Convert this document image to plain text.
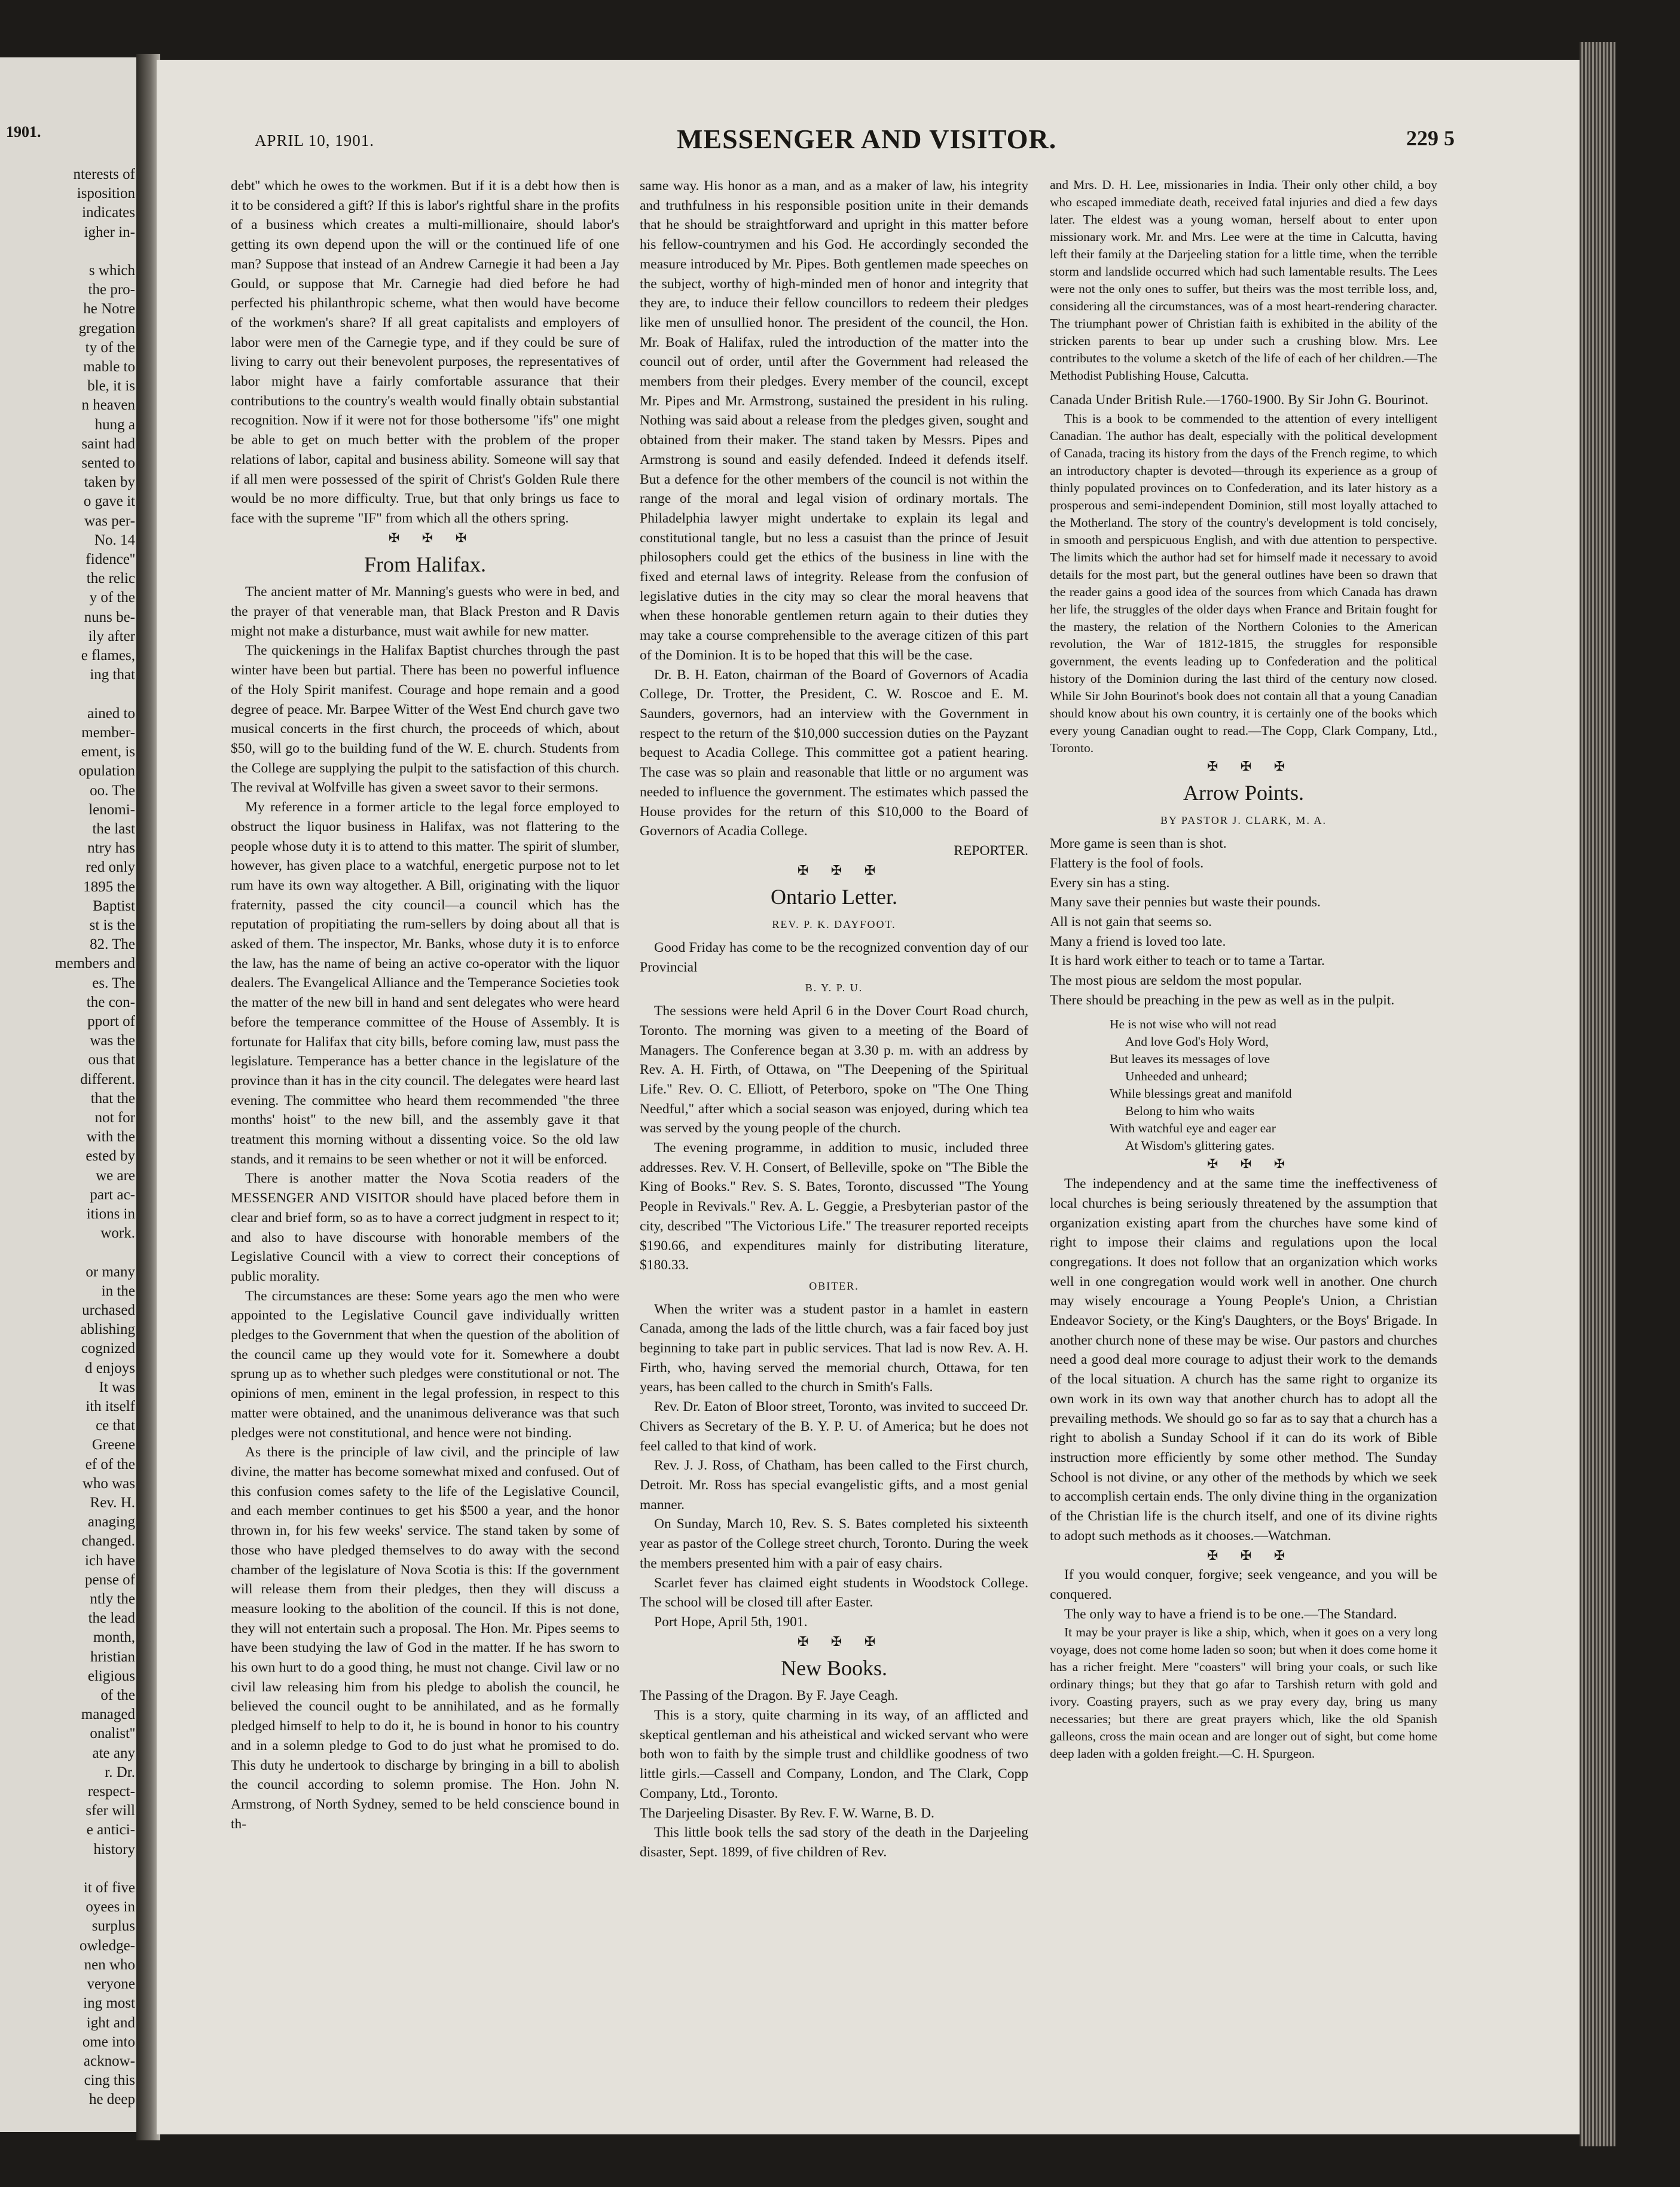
1901.
nterests of
isposition
indicates
igher in-

s which
the pro-
he Notre
gregation
ty of the
mable to
ble, it is
n heaven
hung a
saint had
sented to
taken by
o gave it
was per-
No. 14
fidence''
the relic
y of the
nuns be-
ily after
e flames,
ing that

ained to
member-
ement, is
opulation
oo. The
lenomi-
the last
ntry has
red only
1895 the
Baptist
st is the
82. The
members and
es. The
the con-
pport of
was the
ous that
different.
that the
not for
with the
ested by
we are
part ac-
itions in
work.

or many
in the
urchased
ablishing
cognized
d enjoys
It was
ith itself
ce that
Greene
ef of the
who was
Rev. H.
anaging
changed.
ich have
pense of
ntly the
the lead
month,
hristian
eligious
of the
managed
onalist''
ate any
r. Dr.
respect-
sfer will
e antici-
history

it of five
oyees in
surplus
owledge-
nen who
veryone
ing most
ight and
ome into
acknow-
cing this
he deep
APRIL 10, 1901.	MESSENGER AND VISITOR.	229 5

debt'' which he owes to the workmen. But if it is a debt how then is it to be considered a gift? If this is labor's rightful share in the profits of a business which creates a multi-millionaire, should labor's getting its own depend upon the will or the continued life of one man? Suppose that instead of an Andrew Carnegie it had been a Jay Gould, or suppose that Mr. Carnegie had died before he had perfected his philanthropic scheme, what then would have become of the workmen's share? If all great capitalists and employers of labor were men of the Carnegie type, and if they could be sure of living to carry out their benevolent purposes, the representatives of labor might have a fairly comfortable assurance that their contributions to the country's wealth would finally obtain substantial recognition. Now if it were not for those bothersome "ifs" one might be able to get on much better with the problem of the proper relations of labor, capital and business ability. Someone will say that if all men were possessed of the spirit of Christ's Golden Rule there would be no more difficulty. True, but that only brings us face to face with the supreme "IF" from which all the others spring.

✠ ✠ ✠

From Halifax.

The ancient matter of Mr. Manning's guests who were in bed, and the prayer of that venerable man, that Black Preston and R Davis might not make a disturbance, must wait awhile for new matter.

The quickenings in the Halifax Baptist churches through the past winter have been but partial. There has been no powerful influence of the Holy Spirit manifest. Courage and hope remain and a good degree of peace. Mr. Barpee Witter of the West End church gave two musical concerts in the first church, the proceeds of which, about $50, will go to the building fund of the W. E. church. Students from the College are supplying the pulpit to the satisfaction of this church. The revival at Wolfville has given a sweet savor to their sermons.

My reference in a former article to the legal force employed to obstruct the liquor business in Halifax, was not flattering to the people whose duty it is to attend to this matter. The spirit of slumber, however, has given place to a watchful, energetic purpose not to let rum have its own way altogether. A Bill, originating with the liquor fraternity, passed the city council—a council which has the reputation of propitiating the rum-sellers by doing about all that is asked of them. The inspector, Mr. Banks, whose duty it is to enforce the law, has the name of being an active co-operator with the liquor dealers. The Evangelical Alliance and the Temperance Societies took the matter of the new bill in hand and sent delegates who were heard before the temperance committee of the House of Assembly. It is fortunate for Halifax that city bills, before coming law, must pass the legislature. Temperance has a better chance in the legislature of the province than it has in the city council. The delegates were heard last evening. The committee who heard them recommended "the three months' hoist" to the new bill, and the assembly gave it that treatment this morning without a dissenting voice. So the old law stands, and it remains to be seen whether or not it will be enforced.

There is another matter the Nova Scotia readers of the MESSENGER AND VISITOR should have placed before them in clear and brief form, so as to have a correct judgment in respect to it; and also to have discourse with honorable members of the Legislative Council with a view to correct their conceptions of public morality.

The circumstances are these: Some years ago the men who were appointed to the Legislative Council gave individually written pledges to the Government that when the question of the abolition of the council came up they would vote for it. Somewhere a doubt sprung up as to whether such pledges were constitutional or not. The opinions of men, eminent in the legal profession, in respect to this matter were obtained, and the unanimous deliverance was that such pledges were not constitutional, and hence were not binding.

As there is the principle of law civil, and the principle of law divine, the matter has become somewhat mixed and confused. Out of this confusion comes safety to the life of the Legislative Council, and each member continues to get his $500 a year, and the honor thrown in, for his few weeks' service. The stand taken by some of those who have pledged themselves to do away with the second chamber of the legislature of Nova Scotia is this: If the government will release them from their pledges, then they will discuss a measure looking to the abolition of the council. If this is not done, they will not entertain such a proposal. The Hon. Mr. Pipes seems to have been studying the law of God in the matter. If he has sworn to his own hurt to do a good thing, he must not change. Civil law or no civil law releasing him from his pledge to abolish the council, he believed the council ought to be annihilated, and as he formally pledged himself to help to do it, he is bound in honor to his country and in a solemn pledge to God to do just what he promised to do. This duty he undertook to discharge by bringing in a bill to abolish the council according to solemn promise. The Hon. John N. Armstrong, of North Sydney, semed to be held conscience bound in th-

same way. His honor as a man, and as a maker of law, his integrity and truthfulness in his responsible position unite in their demands that he should be straightforward and upright in this matter before his fellow-countrymen and his God. He accordingly seconded the measure introduced by Mr. Pipes. Both gentlemen made speeches on the subject, worthy of high-minded men of honor and integrity that they are, to induce their fellow councillors to redeem their pledges like men of unsullied honor. The president of the council, the Hon. Mr. Boak of Halifax, ruled the introduction of the matter into the council out of order, until after the Government had released the members from their pledges. Every member of the council, except Mr. Pipes and Mr. Armstrong, sustained the president in his ruling. Nothing was said about a release from the pledges given, sought and obtained from their maker. The stand taken by Messrs. Pipes and Armstrong is sound and easily defended. Indeed it defends itself. But a defence for the other members of the council is not within the range of the moral and legal vision of ordinary mortals. The Philadelphia lawyer might undertake to explain its legal and constitutional tangle, but no less a casuist than the prince of Jesuit philosophers could get the ethics of the business in line with the fixed and eternal laws of integrity. Release from the confusion of legislative duties in the city may so clear the moral heavens that when these honorable gentlemen return again to their duties they may take a course comprehensible to the average citizen of this part of the Dominion. It is to be hoped that this will be the case.

Dr. B. H. Eaton, chairman of the Board of Governors of Acadia College, Dr. Trotter, the President, C. W. Roscoe and E. M. Saunders, governors, had an interview with the Government in respect to the return of the $10,000 succession duties on the Payzant bequest to Acadia College. This committee got a patient hearing. The case was so plain and reasonable that little or no argument was needed to influence the government. The estimates which passed the House provides for the return of this $10,000 to the Board of Governors of Acadia College.

REPORTER.

✠ ✠ ✠

Ontario Letter.
REV. P. K. DAYFOOT.

Good Friday has come to be the recognized convention day of our Provincial

B. Y. P. U.

The sessions were held April 6 in the Dover Court Road church, Toronto. The morning was given to a meeting of the Board of Managers. The Conference began at 3.30 p. m. with an address by Rev. A. H. Firth, of Ottawa, on "The Deepening of the Spiritual Life." Rev. O. C. Elliott, of Peterboro, spoke on "The One Thing Needful," after which a social season was enjoyed, during which tea was served by the young people of the church.

The evening programme, in addition to music, included three addresses. Rev. V. H. Consert, of Belleville, spoke on "The Bible the King of Books." Rev. S. S. Bates, Toronto, discussed "The Young People in Revivals." Rev. A. L. Geggie, a Presbyterian pastor of the city, described "The Victorious Life." The treasurer reported receipts $190.66, and expenditures mainly for distributing literature, $180.33.

OBITER.

When the writer was a student pastor in a hamlet in eastern Canada, among the lads of the little church, was a fair faced boy just beginning to take part in public services. That lad is now Rev. A. H. Firth, who, having served the memorial church, Ottawa, for ten years, has been called to the church in Smith's Falls.

Rev. Dr. Eaton of Bloor street, Toronto, was invited to succeed Dr. Chivers as Secretary of the B. Y. P. U. of America; but he does not feel called to that kind of work.

Rev. J. J. Ross, of Chatham, has been called to the First church, Detroit. Mr. Ross has special evangelistic gifts, and a most genial manner.

On Sunday, March 10, Rev. S. S. Bates completed his sixteenth year as pastor of the College street church, Toronto. During the week the members presented him with a pair of easy chairs.

Scarlet fever has claimed eight students in Woodstock College. The school will be closed till after Easter.

Port Hope, April 5th, 1901.

✠ ✠ ✠

New Books.

The Passing of the Dragon. By F. Jaye Ceagh.

This is a story, quite charming in its way, of an afflicted and skeptical gentleman and his atheistical and wicked servant who were both won to faith by the simple trust and childlike goodness of two little girls.—Cassell and Company, London, and The Clark, Copp Company, Ltd., Toronto.

The Darjeeling Disaster. By Rev. F. W. Warne, B. D.

This little book tells the sad story of the death in the Darjeeling disaster, Sept. 1899, of five children of Rev.

and Mrs. D. H. Lee, missionaries in India. Their only other child, a boy who escaped immediate death, received fatal injuries and died a few days later. The eldest was a young woman, herself about to enter upon missionary work. Mr. and Mrs. Lee were at the time in Calcutta, having left their family at the Darjeeling station for a little time, when the terrible storm and landslide occurred which had such lamentable results. The Lees were not the only ones to suffer, but theirs was the most terrible loss, and, considering all the circumstances, was of a most heart-rendering character. The triumphant power of Christian faith is exhibited in the ability of the stricken parents to bear up under such a crushing blow. Mrs. Lee contributes to the volume a sketch of the life of each of her children.—The Methodist Publishing House, Calcutta.

Canada Under British Rule.—1760-1900. By Sir John G. Bourinot.

This is a book to be commended to the attention of every intelligent Canadian. The author has dealt, especially with the political development of Canada, tracing its history from the days of the French regime, to which an introductory chapter is devoted—through its experience as a group of thinly populated provinces on to Confederation, and its later history as a prosperous and semi-independent Dominion, still most loyally attached to the Motherland. The story of the country's development is told concisely, in smooth and perspicuous English, and with due attention to perspective. The limits which the author had set for himself made it necessary to avoid details for the most part, but the general outlines have been so drawn that the reader gains a good idea of the sources from which Canada has drawn her life, the struggles of the older days when France and Britain fought for the mastery, the relation of the Northern Colonies to the American revolution, the War of 1812-1815, the struggles for responsible government, the events leading up to Confederation and the political history of the Dominion during the last third of the century now closed. While Sir John Bourinot's book does not contain all that a young Canadian should know about his own country, it is certainly one of the books which every young Canadian ought to read.—The Copp, Clark Company, Ltd., Toronto.

✠ ✠ ✠

Arrow Points.
BY PASTOR J. CLARK, M. A.

More game is seen than is shot.

Flattery is the fool of fools.

Every sin has a sting.

Many save their pennies but waste their pounds.

All is not gain that seems so.

Many a friend is loved too late.

It is hard work either to teach or to tame a Tartar.

The most pious are seldom the most popular.

There should be preaching in the pew as well as in the pulpit.

He is not wise who will not read

And love God's Holy Word,

But leaves its messages of love

Unheeded and unheard;

While blessings great and manifold

Belong to him who waits

With watchful eye and eager ear

At Wisdom's glittering gates.

✠ ✠ ✠

The independency and at the same time the ineffectiveness of local churches is being seriously threatened by the assumption that organization existing apart from the churches have some kind of right to impose their claims and regulations upon the local congregations. It does not follow that an organization which works well in one congregation would work well in another. One church may wisely encourage a Young People's Union, a Christian Endeavor Society, or the King's Daughters, or the Boys' Brigade. In another church none of these may be wise. Our pastors and churches need a good deal more courage to adjust their work to the demands of the local situation. A church has the same right to organize its own work in its own way that another church has to adopt all the prevailing methods. We should go so far as to say that a church has a right to abolish a Sunday School if it can do its work of Bible instruction more efficiently by some other method. The Sunday School is not divine, or any other of the methods by which we seek to accomplish certain ends. The only divine thing in the organization of the Christian life is the church itself, and one of its divine rights to adopt such methods as it chooses.—Watchman.

✠ ✠ ✠

If you would conquer, forgive; seek vengeance, and you will be conquered.

The only way to have a friend is to be one.—The Standard.

It may be your prayer is like a ship, which, when it goes on a very long voyage, does not come home laden so soon; but when it does come home it has a richer freight. Mere "coasters" will bring your coals, or such like ordinary things; but they that go afar to Tarshish return with gold and ivory. Coasting prayers, such as we pray every day, bring us many necessaries; but there are great prayers which, like the old Spanish galleons, cross the main ocean and are longer out of sight, but come home deep laden with a golden freight.—C. H. Spurgeon.
